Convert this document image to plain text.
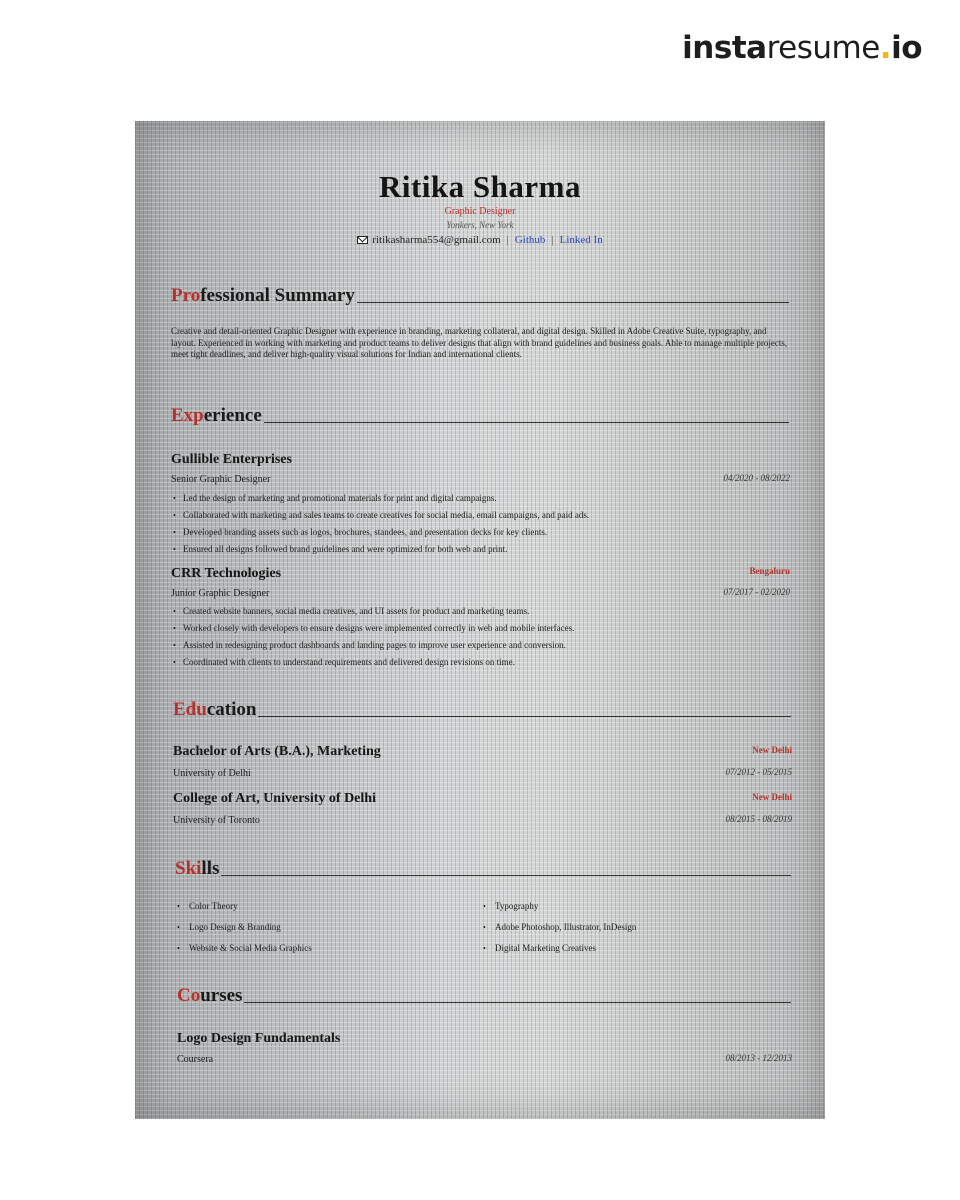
instaresume.io
Ritika Sharma
Graphic Designer
Yonkers, New York
ritikasharma554@gmail.com | Github | Linked In
Professional Summary
Creative and detail-oriented Graphic Designer with experience in branding, marketing collateral, and digital design. Skilled in Adobe Creative Suite, typography, and layout. Experienced in working with marketing and product teams to deliver designs that align with brand guidelines and business goals. Able to manage multiple projects, meet tight deadlines, and deliver high-quality visual solutions for Indian and international clients.
Experience
Gullible Enterprises
Senior Graphic Designer	04/2020 - 08/2022
• Led the design of marketing and promotional materials for print and digital campaigns.
• Collaborated with marketing and sales teams to create creatives for social media, email campaigns, and paid ads.
• Developed branding assets such as logos, brochures, standees, and presentation decks for key clients.
• Ensured all designs followed brand guidelines and were optimized for both web and print.
CRR Technologies	Bengaluru
Junior Graphic Designer	07/2017 - 02/2020
• Created website banners, social media creatives, and UI assets for product and marketing teams.
• Worked closely with developers to ensure designs were implemented correctly in web and mobile interfaces.
• Assisted in redesigning product dashboards and landing pages to improve user experience and conversion.
• Coordinated with clients to understand requirements and delivered design revisions on time.
Education
Bachelor of Arts (B.A.), Marketing	New Delhi
University of Delhi	07/2012 - 05/2015
College of Art, University of Delhi	New Delhi
University of Toronto	08/2015 - 08/2019
Skills
• Color Theory
• Logo Design & Branding
• Website & Social Media Graphics
• Typography
• Adobe Photoshop, Illustrator, InDesign
• Digital Marketing Creatives
Courses
Logo Design Fundamentals
Coursera	08/2013 - 12/2013
